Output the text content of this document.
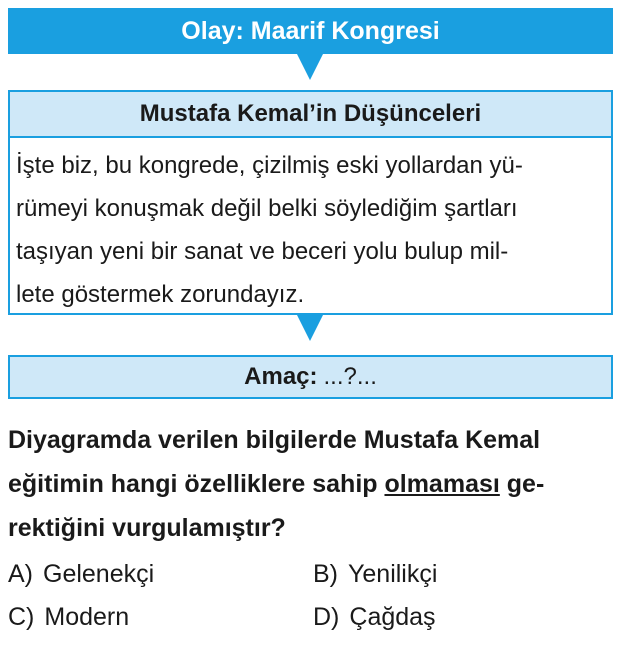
Olay: Maarif Kongresi
Mustafa Kemal’in Düşünceleri
İşte biz, bu kongrede, çizilmiş eski yollardan yü-
rümeyi konuşmak değil belki söylediğim şartları
taşıyan yeni bir sanat ve beceri yolu bulup mil-
lete göstermek zorundayız.
Amaç: ...?...
Diyagramda verilen bilgilerde Mustafa Kemal
eğitimin hangi özelliklere sahip olmaması ge-
rektiğini vurgulamıştır?
A) Gelenekçi	B) Yenilikçi
C) Modern	D) Çağdaş
